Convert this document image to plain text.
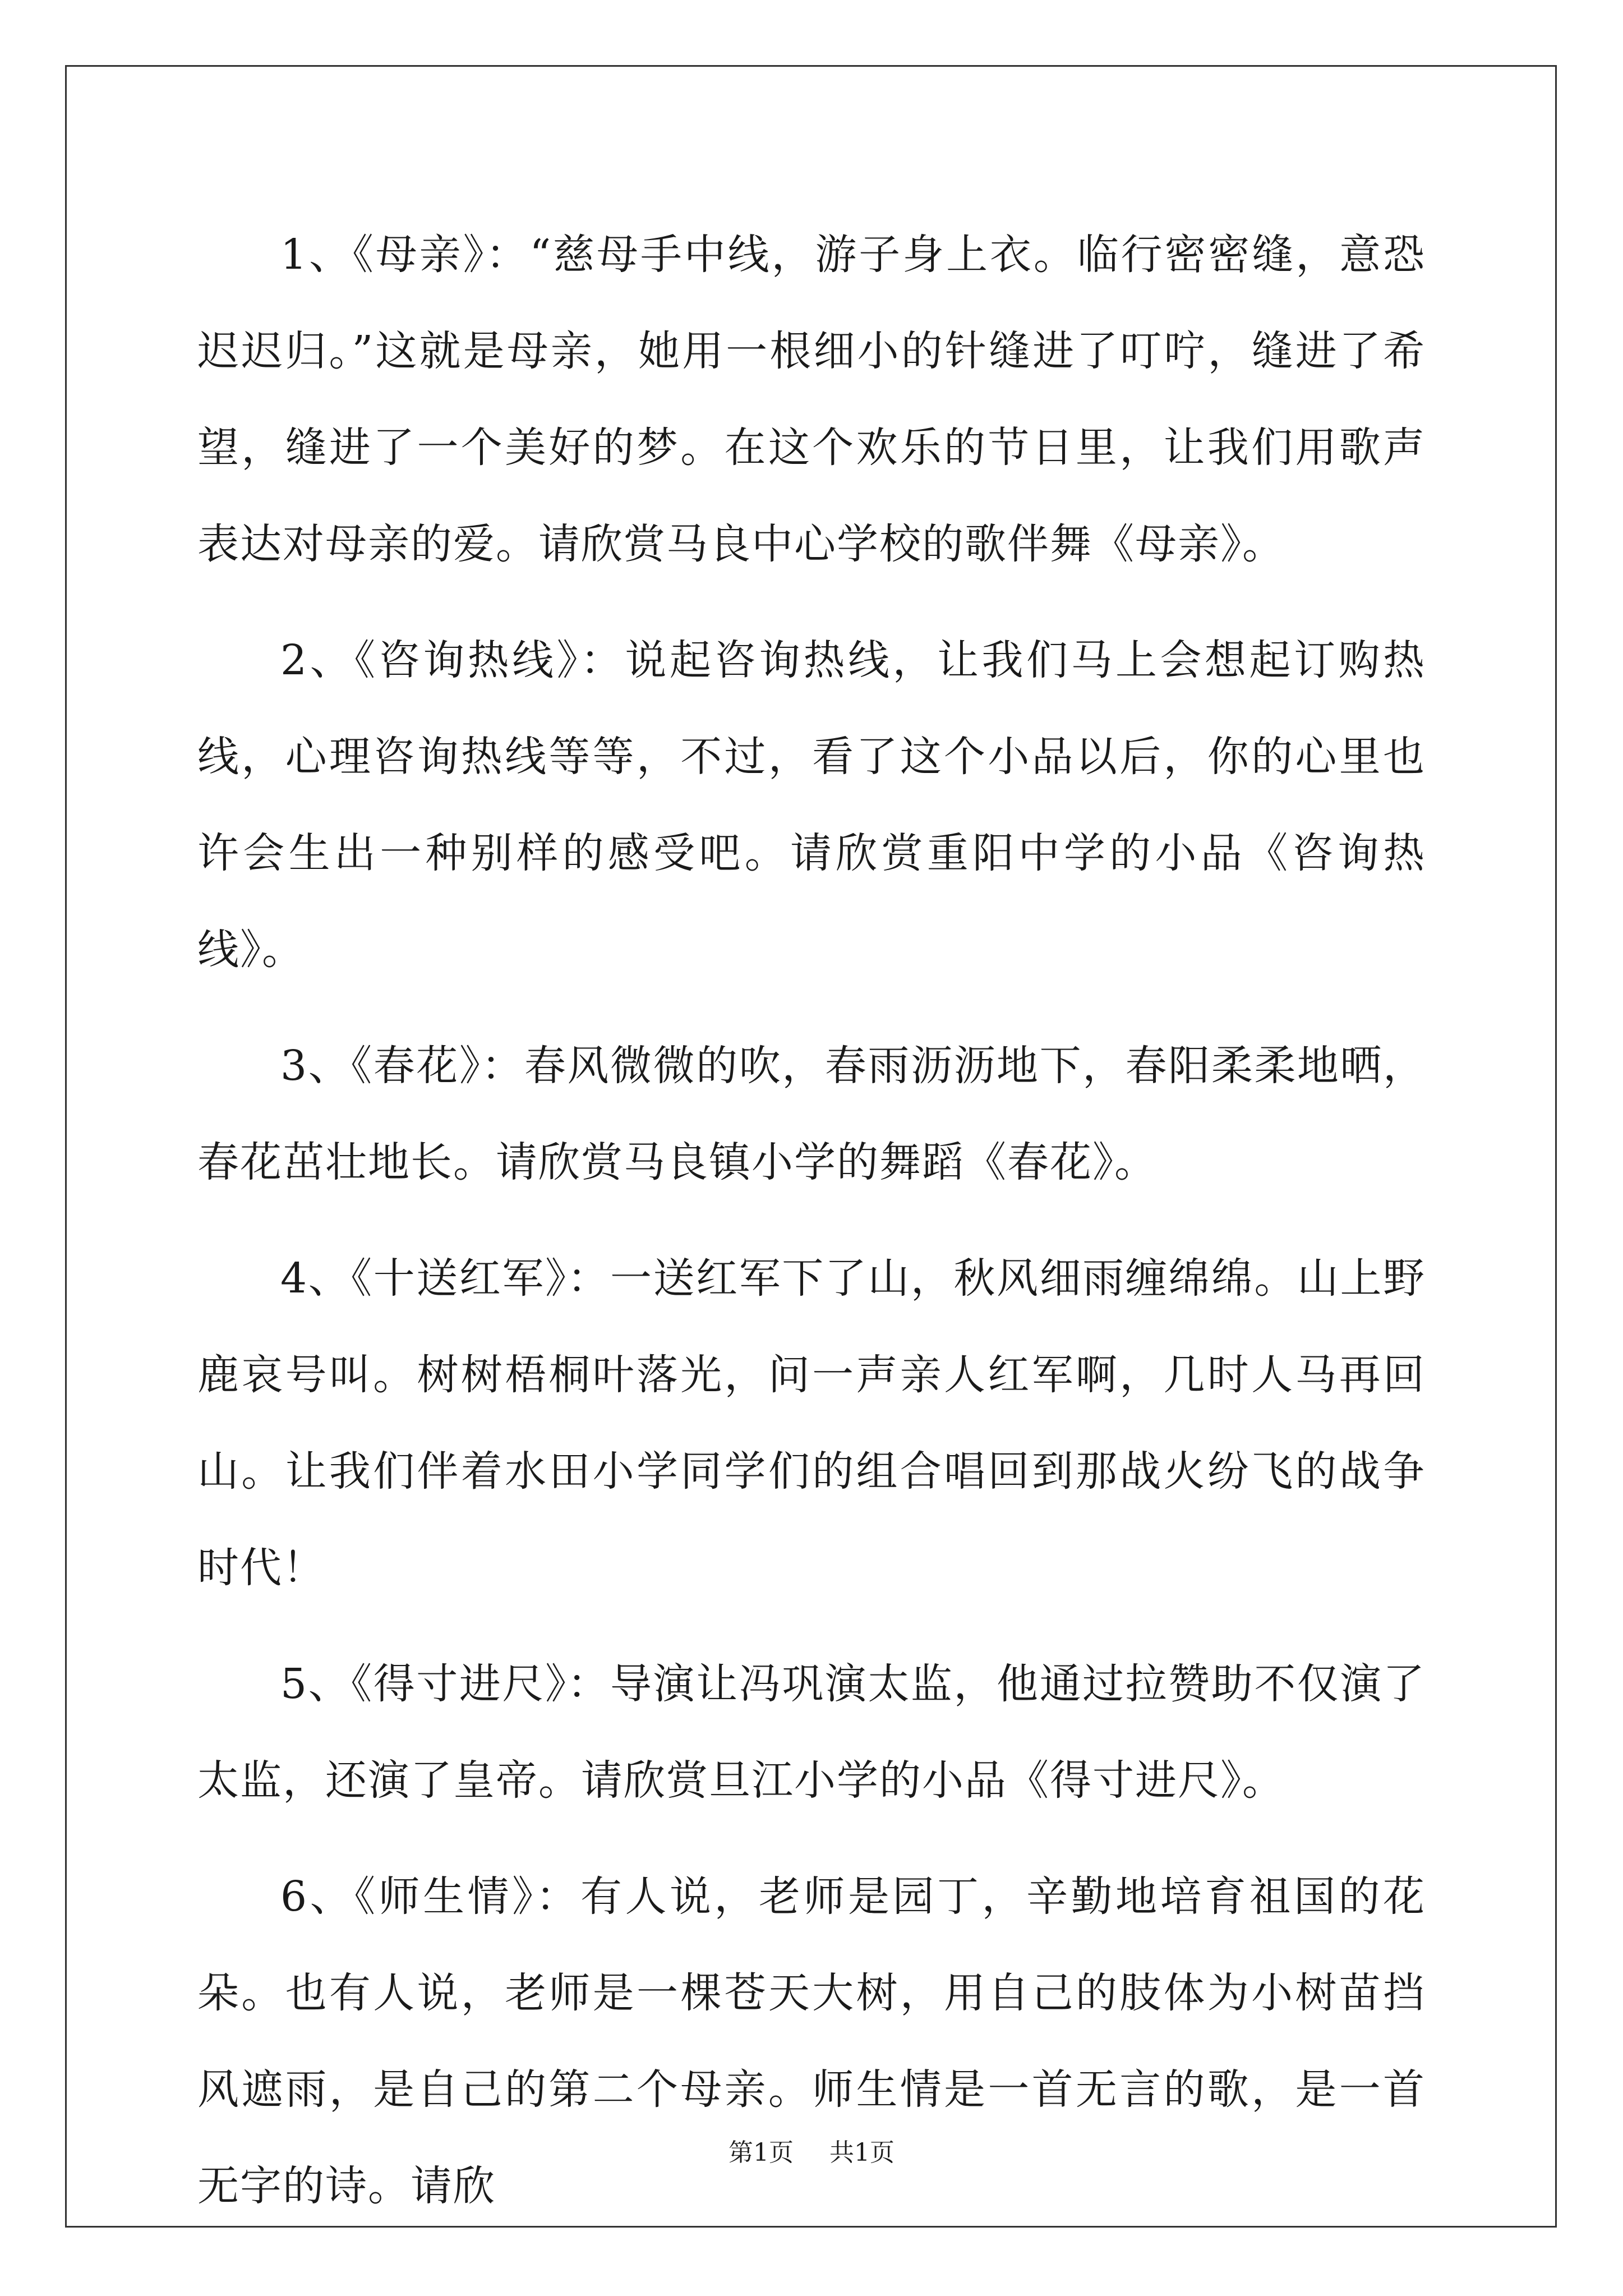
1、《母亲》：“慈母手中线，游子身上衣。临行密密缝，意恐迟迟归。”这就是母亲，她用一根细小的针缝进了叮咛，缝进了希望，缝进了一个美好的梦。在这个欢乐的节日里，让我们用歌声表达对母亲的爱。请欣赏马良中心学校的歌伴舞《母亲》。

2、《咨询热线》：说起咨询热线，让我们马上会想起订购热线，心理咨询热线等等，不过，看了这个小品以后，你的心里也许会生出一种别样的感受吧。请欣赏重阳中学的小品《咨询热线》。

3、《春花》：春风微微的吹，春雨沥沥地下，春阳柔柔地晒，春花茁壮地长。请欣赏马良镇小学的舞蹈《春花》。

4、《十送红军》：一送红军下了山，秋风细雨缠绵绵。山上野鹿哀号叫。树树梧桐叶落光，问一声亲人红军啊，几时人马再回山。让我们伴着水田小学同学们的组合唱回到那战火纷飞的战争时代！

5、《得寸进尺》：导演让冯巩演太监，他通过拉赞助不仅演了太监，还演了皇帝。请欣赏旦江小学的小品《得寸进尺》。

6、《师生情》：有人说，老师是园丁，辛勤地培育祖国的花朵。也有人说，老师是一棵苍天大树，用自己的肢体为小树苗挡风遮雨，是自己的第二个母亲。师生情是一首无言的歌，是一首无字的诗。请欣

第1页 共1页
